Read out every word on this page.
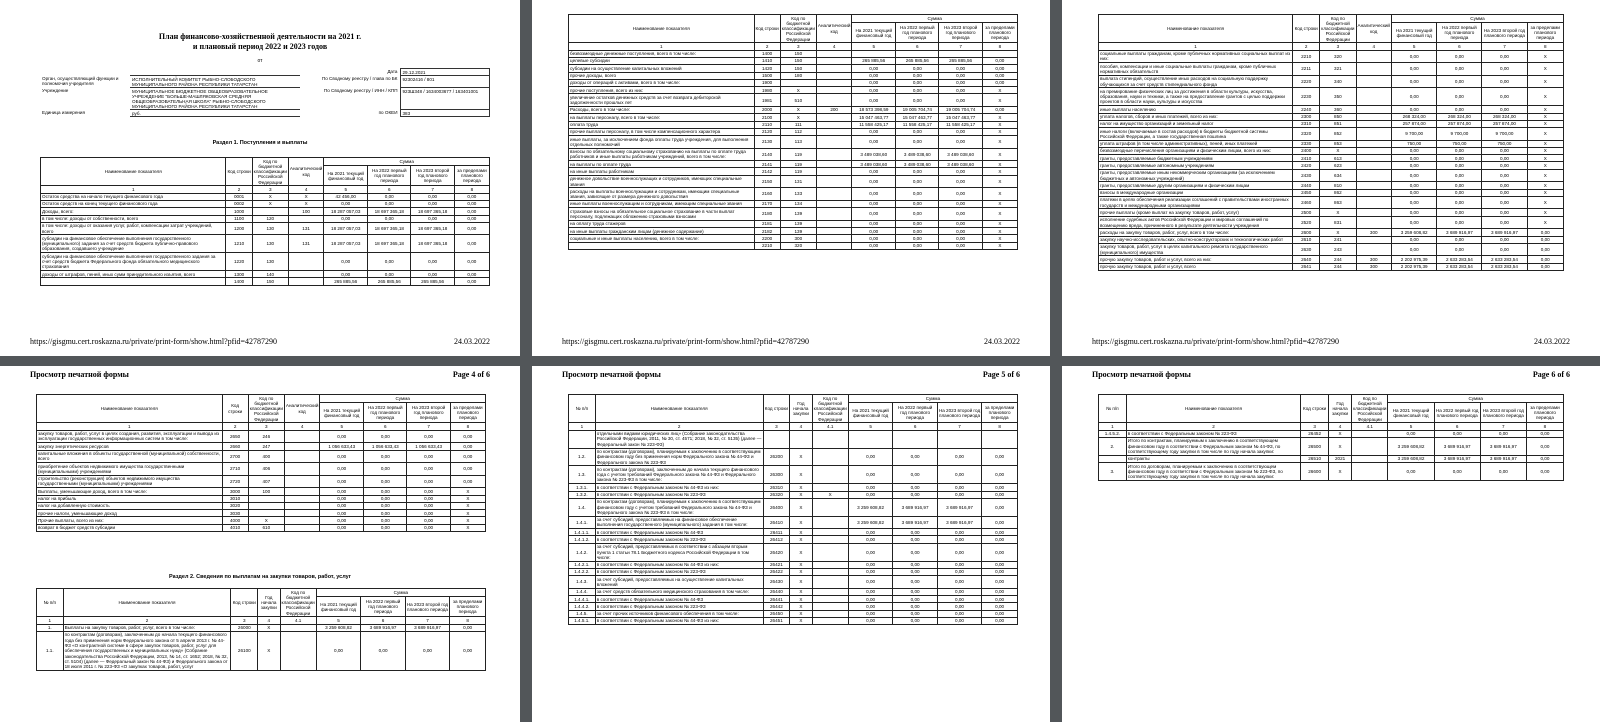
План финансово-хозяйственной деятельности на 2021 г.
и плановый период 2022 и 2023 годов
от
		Дата	29.12.2021
Орган, осуществляющий функции и полномочия учредителя	ИСПОЛНИТЕЛЬНЫЙ КОМИТЕТ РЫБНО-СЛОБОДСКОГО МУНИЦИПАЛЬНОГО РАЙОНА РЕСПУБЛИКИ ТАТАРСТАН	По Сводному реестру / глава по БК	92302416 / 801
Учреждение	МУНИЦИПАЛЬНОЕ БЮДЖЕТНОЕ ОБЩЕОБРАЗОВАТЕЛЬНОЕ УЧРЕЖДЕНИЕ "БОЛЬШЕ-МАШЛЯКОВСКАЯ СРЕДНЯЯ ОБЩЕОБРАЗОВАТЕЛЬНАЯ ШКОЛА" РЫБНО-СЛОБОДСКОГО МУНИЦИПАЛЬНОГО РАЙОНА РЕСПУБЛИКИ ТАТАРСТАН	По Сводному реестру / ИНН / КПП	923Ш348 / 1634003677 / 163401001
Единица измерения	руб.	по ОКЕИ	383
Раздел 1. Поступления и выплаты
Наименование показателя	Код строки	Код по бюджетной классификации Российской Федерации	Аналитический код	Сумма			
				На 2021 текущий финансовый год	На 2022 первый год планового периода	На 2023 второй год планового периода	за пределами планового периода
1	2	3	4	5	6	7	8
Остаток средства на начало текущего финансового года	0001	X	X	42 456,00	0,00	0,00	0,00
Остаток средств на конец текущего финансового года	0002	X	X	0,00	0,00	0,00	0,00
Доходы, всего:	1000		100	18 287 057,03	18 697 365,18	18 697 365,18	0,00
в том числе: доходы от собственности, всего	1100	120		0,00	0,00	0,00	0,00
в том числе: доходы от оказания услуг, работ, компенсации затрат учреждений, всего	1200	130	131	18 287 057,03	18 697 365,18	18 697 365,18	0,00
субсидии на финансовое обеспечение выполнения государственного (муниципального) задания за счет средств бюджета публично-правового образования, создавшего учреждение	1210	130	131	18 287 057,03	18 697 365,18	18 697 365,18	0,00
субсидии на финансовое обеспечение выполнения государственного задания за счет средств бюджета Федерального фонда обязательного медицинского страхования	1220	130		0,00	0,00	0,00	0,00
доходы от штрафов, пеней, иных сумм принудительного изъятия, всего	1300	140		0,00	0,00	0,00	0,00
	1400	150		265 885,56	265 885,56	265 885,56	0,00
https://gisgmu.cert.roskazna.ru/private/print-form/show.html?pfid=42787290	24.03.2022
Наименование показателя	Код строки	Код по бюджетной классификации Российской Федерации	Аналитический код	Сумма			
				На 2021 текущий финансовый год	На 2022 первый год планового периода	На 2023 второй год планового периода	за пределами планового периода
1	2	3	4	5	6	7	8
безвозмездные денежные поступления, всего в том числе:	1400	150					
целевые субсидии	1410	150		265 885,56	265 885,56	265 885,56	0,00
субсидии на осуществление капитальных вложений	1420	150		0,00	0,00	0,00	0,00
прочие доходы, всего	1500	180		0,00	0,00	0,00	0,00
доходы от операций с активами, всего в том числе:	1900			0,00	0,00	0,00	0,00
прочие поступления, всего из них:	1980	X		0,00	0,00	0,00	X
увеличение остатков денежных средств за счет возврата дебиторской задолженности прошлых лет	1981	510		0,00	0,00	0,00	X
Расходы, всего в том числе:	2000	X	200	18 573 398,59	19 005 704,74	19 005 704,74	0,00
на выплаты персоналу, всего в том числе:	2100	X		15 047 463,77	15 047 463,77	15 047 463,77	X
оплата труда	2110	111		11 558 425,17	11 558 425,17	11 558 425,17	X
прочие выплаты персоналу, в том числе компенсационного характера	2120	112		0,00	0,00	0,00	X
иные выплаты, за исключением фонда оплаты труда учреждения, для выполнения отдельных полномочий	2130	113		0,00	0,00	0,00	X
взносы по обязательному социальному страхованию на выплаты по оплате труда работников и иные выплаты работникам учреждений, всего в том числе:	2140	119		3 489 038,60	3 489 038,60	3 489 038,60	X
на выплаты по оплате труда	2141	119		3 489 038,60	3 489 038,60	3 489 038,60	X
на иные выплаты работникам	2142	119		0,00	0,00	0,00	X
денежное довольствие военнослужащих и сотрудников, имеющих специальные звания	2150	131		0,00	0,00	0,00	X
расходы на выплаты военнослужащим и сотрудникам, имеющим специальные звания, зависящие от размера денежного довольствия	2160	133		0,00	0,00	0,00	X
иные выплаты военнослужащим и сотрудникам, имеющим специальные звания	2170	134		0,00	0,00	0,00	X
страховые взносы на обязательное социальное страхование в части выплат персоналу, подлежащих обложению страховыми взносами	2180	139		0,00	0,00	0,00	X
на оплату труда стажеров	2181	139		0,00	0,00	0,00	X
на иные выплаты гражданским лицам (денежное содержание)	2182	139		0,00	0,00	0,00	X
социальные и иные выплаты населению, всего в том числе:	2200	300		0,00	0,00	0,00	X
	2210	320		0,00	0,00	0,00	X
https://gisgmu.cert.roskazna.ru/private/print-form/show.html?pfid=42787290	24.03.2022
Наименование показателя	Код строки	Код по бюджетной классификации Российской Федерации	Аналитический код	Сумма			
				На 2021 текущий финансовый год	На 2022 первый год планового периода	На 2023 второй год планового периода	за пределами планового периода
1	2	3	4	5	6	7	8
социальные выплаты гражданам, кроме публичных нормативных социальных выплат из них:	2210	320		0,00	0,00	0,00	X
пособия, компенсации и иные социальные выплаты гражданам, кроме публичных нормативных обязательств	2211	321		0,00	0,00	0,00	X
выплата стипендий, осуществление иных расходов на социальную поддержку обучающихся за счет средств стипендиального фонда	2220	340		0,00	0,00	0,00	X
на премирование физических лиц за достижения в области культуры, искусства, образования, науки и техники, а также на предоставление грантов с целью поддержки проектов в области науки, культуры и искусства	2230	350		0,00	0,00	0,00	X
иные выплаты населению	2240	360		0,00	0,00	0,00	X
уплата налогов, сборов и иных платежей, всего из них:	2300	850		268 324,00	268 324,00	268 324,00	X
налог на имущество организаций и земельный налог	2310	851		257 874,00	257 874,00	257 874,00	X
иные налоги (включаемые в состав расходов) в бюджеты бюджетной системы Российской Федерации, а также государственная пошлина	2320	852		9 700,00	9 700,00	9 700,00	X
уплата штрафов (в том числе административных), пеней, иных платежей	2330	853		750,00	750,00	750,00	X
безвозмездные перечисления организациям и физическим лицам, всего из них:	2400	X		0,00	0,00	0,00	X
гранты, предоставляемые бюджетным учреждениям	2410	613		0,00	0,00	0,00	X
гранты, предоставляемые автономным учреждениям	2420	623		0,00	0,00	0,00	X
гранты, предоставляемые иным некоммерческим организациям (за исключением бюджетных и автономных учреждений)	2430	634		0,00	0,00	0,00	X
гранты, предоставляемые другим организациям и физическим лицам	2440	810		0,00	0,00	0,00	X
взносы в международные организации	2450	862		0,00	0,00	0,00	X
платежи в целях обеспечения реализации соглашений с правительствами иностранных государств и международными организациями	2460	863		0,00	0,00	0,00	X
прочие выплаты (кроме выплат на закупку товаров, работ, услуг)	2500	X		0,00	0,00	0,00	X
исполнение судебных актов Российской Федерации и мировых соглашений по возмещению вреда, причиненного в результате деятельности учреждения	2520	831		0,00	0,00	0,00	X
расходы на закупку товаров, работ, услуг, всего в том числе:	2600	X	300	3 259 608,82	3 689 916,97	3 689 916,97	0,00
закупку научно-исследовательских, опытно-конструкторских и технологических работ	2610	241		0,00	0,00	0,00	0,00
закупку товаров, работ, услуг в целях капитального ремонта государственного (муниципального) имущества	2630	243		0,00	0,00	0,00	0,00
прочую закупку товаров, работ и услуг, всего из них:	2640	244	300	2 202 975,39	2 633 283,54	2 633 283,54	0,00
прочую закупку товаров, работ и услуг, всего	2641	244	300	2 202 975,39	2 633 283,54	2 633 283,54	0,00
https://gisgmu.cert.roskazna.ru/private/print-form/show.html?pfid=42787290	24.03.2022
Просмотр печатной формы	Page 4 of 6
Наименование показателя	Код строки	Код по бюджетной классификации Российской Федерации	Аналитический код	Сумма			
				На 2021 текущий финансовый год	На 2022 первый год планового периода	На 2023 второй год планового периода	за пределами планового периода
1	2	3	4	5	6	7	8
закупку товаров, работ, услуг в целях создания, развития, эксплуатации и вывода из эксплуатации государственных информационных систем в том числе:	2650	246		0,00	0,00	0,00	0,00
закупку энергетических ресурсов	2660	247		1 056 633,43	1 056 633,43	1 056 633,43	0,00
капитальные вложения в объекты государственной (муниципальной) собственности, всего	2700	400		0,00	0,00	0,00	0,00
приобретение объектов недвижимого имущества государственными (муниципальными) учреждениями	2710	406		0,00	0,00	0,00	0,00
строительство (реконструкция) объектов недвижимого имущества государственными (муниципальными) учреждениями	2720	407		0,00	0,00	0,00	0,00
Выплаты, уменьшающие доход, всего в том числе:	3000	100		0,00	0,00	0,00	X
налог на прибыль	3010			0,00	0,00	0,00	X
налог на добавленную стоимость	3020			0,00	0,00	0,00	X
прочие налоги, уменьшающие доход	3030			0,00	0,00	0,00	X
Прочие выплаты, всего из них:	4000	X		0,00	0,00	0,00	X
возврат в бюджет средств субсидии	4010	610		0,00	0,00	0,00	X
Раздел 2. Сведения по выплатам на закупки товаров, работ, услуг
№ п/п	Наименование показателя	Код строки	Год начала закупки	Код по бюджетной классификации Российской Федерации	Сумма			
					На 2021 текущий финансовый год	На 2022 первый год планового периода	На 2023 второй год планового периода	за пределами планового периода
1	2	3	4	4.1	5	6	7	8
1.	Выплаты на закупку товаров, работ, услуг, всего в том числе:	26000	X		3 259 608,82	3 689 916,97	3 689 916,97	0,00
1.1.	по контрактам (договорам), заключенным до начала текущего финансового года без применения норм Федерального закона от 5 апреля 2013 г. № 44-ФЗ «О контрактной системе в сфере закупок товаров, работ, услуг для обеспечения государственных и муниципальных нужд» (Собрание законодательства Российской Федерации, 2013, № 14, ст. 1652; 2018, № 32, ст. 5104) (далее — Федеральный закон № 44-ФЗ) и Федерального закона от 18 июля 2011 г. № 223-ФЗ «О закупках товаров, работ, услуг	26100	X		0,00	0,00	0,00	0,00
Просмотр печатной формы	Page 5 of 6
№ п/п	Наименование показателя	Код строки	Год начала закупки	Код по бюджетной классификации Российской Федерации	Сумма			
					На 2021 текущий финансовый год	На 2022 первый год планового периода	На 2023 второй год планового периода	за пределами планового периода
1	2	3	4	4.1	5	6	7	8
	отдельными видами юридических лиц» (Собрание законодательства Российской Федерации, 2011, № 30, ст. 4571; 2018, № 32, ст. 5135) (далее — Федеральный закон № 223-ФЗ)							
1.2.	по контрактам (договорам), планируемым к заключению в соответствующем финансовом году без применения норм Федерального закона № 44-ФЗ и Федерального закона № 223-ФЗ	26200	X		0,00	0,00	0,00	0,00
1.3.	по контрактам (договорам), заключенным до начала текущего финансового года с учетом требований Федерального закона № 44-ФЗ и Федерального закона № 223-ФЗ в том числе:	26300	X		0,00	0,00	0,00	0,00
1.3.1.	в соответствии с Федеральным законом № 44-ФЗ из них:	26310	X		0,00	0,00	0,00	0,00
1.3.2.	в соответствии с Федеральным законом № 223-ФЗ	26320	X	X	0,00	0,00	0,00	0,00
1.4.	по контрактам (договорам), планируемым к заключению в соответствующем финансовом году с учетом требований Федерального закона № 44-ФЗ и Федерального закона № 223-ФЗ в том числе:	26400	X		3 259 608,82	3 689 916,97	3 689 916,97	0,00
1.4.1.	за счет субсидий, предоставляемых на финансовое обеспечение выполнения государственного (муниципального) задания в том числе:	26410	X		3 259 608,82	3 689 916,97	3 689 916,97	0,00
1.4.1.1.	в соответствии с Федеральным законом № 44-ФЗ	26411	X		0,00	0,00	0,00	0,00
1.4.1.2.	в соответствии с Федеральным законом № 223-ФЗ	26412	X		0,00	0,00	0,00	0,00
1.4.2.	за счет субсидий, предоставляемых в соответствии с абзацем вторым пункта 1 статьи 78.1 Бюджетного кодекса Российской Федерации в том числе:	26420	X		0,00	0,00	0,00	0,00
1.4.2.1.	в соответствии с Федеральным законом № 44-ФЗ из них:	26421	X		0,00	0,00	0,00	0,00
1.4.2.2.	в соответствии с Федеральным законом № 223-ФЗ	26422	X		0,00	0,00	0,00	0,00
1.4.3.	за счет субсидий, предоставляемых на осуществление капитальных вложений	26430	X		0,00	0,00	0,00	0,00
1.4.4.	за счет средств обязательного медицинского страхования в том числе:	26440	X		0,00	0,00	0,00	0,00
1.4.4.1.	в соответствии с Федеральным законом № 44-ФЗ	26441	X		0,00	0,00	0,00	0,00
1.4.4.2.	в соответствии с Федеральным законом № 223-ФЗ	26442	X		0,00	0,00	0,00	0,00
1.4.5.	за счет прочих источников финансового обеспечения в том числе:	26450	X		0,00	0,00	0,00	0,00
1.4.5.1.	в соответствии с Федеральным законом № 44-ФЗ из них:	26451	X		0,00	0,00	0,00	0,00
Просмотр печатной формы	Page 6 of 6
№ п/п	Наименование показателя	Код строки	Год начала закупки	Код по бюджетной классификации Российской Федерации	Сумма			
					На 2021 текущий финансовый год	На 2022 первый год планового периода	На 2023 второй год планового периода	за пределами планового периода
1	2	3	4	4.1	5	6	7	8
1.4.5.2.	в соответствии с Федеральным законом № 223-ФЗ	26452	X		0,00	0,00	0,00	0,00
2.	Итого по контрактам, планируемым к заключению в соответствующем финансовом году в соответствии с Федеральным законом № 44-ФЗ, по соответствующему году закупки в том числе по году начала закупки:	26500	X		3 259 608,82	3 689 916,97	3 689 916,97	0,00
	контракты	26510	2021		3 259 608,82	3 689 916,97	3 689 916,97	0,00
3.	Итого по договорам, планируемым к заключению в соответствующем финансовом году в соответствии с Федеральным законом № 223-ФЗ, по соответствующему году закупки в том числе по году начала закупки:	26600	X		0,00	0,00	0,00	0,00
